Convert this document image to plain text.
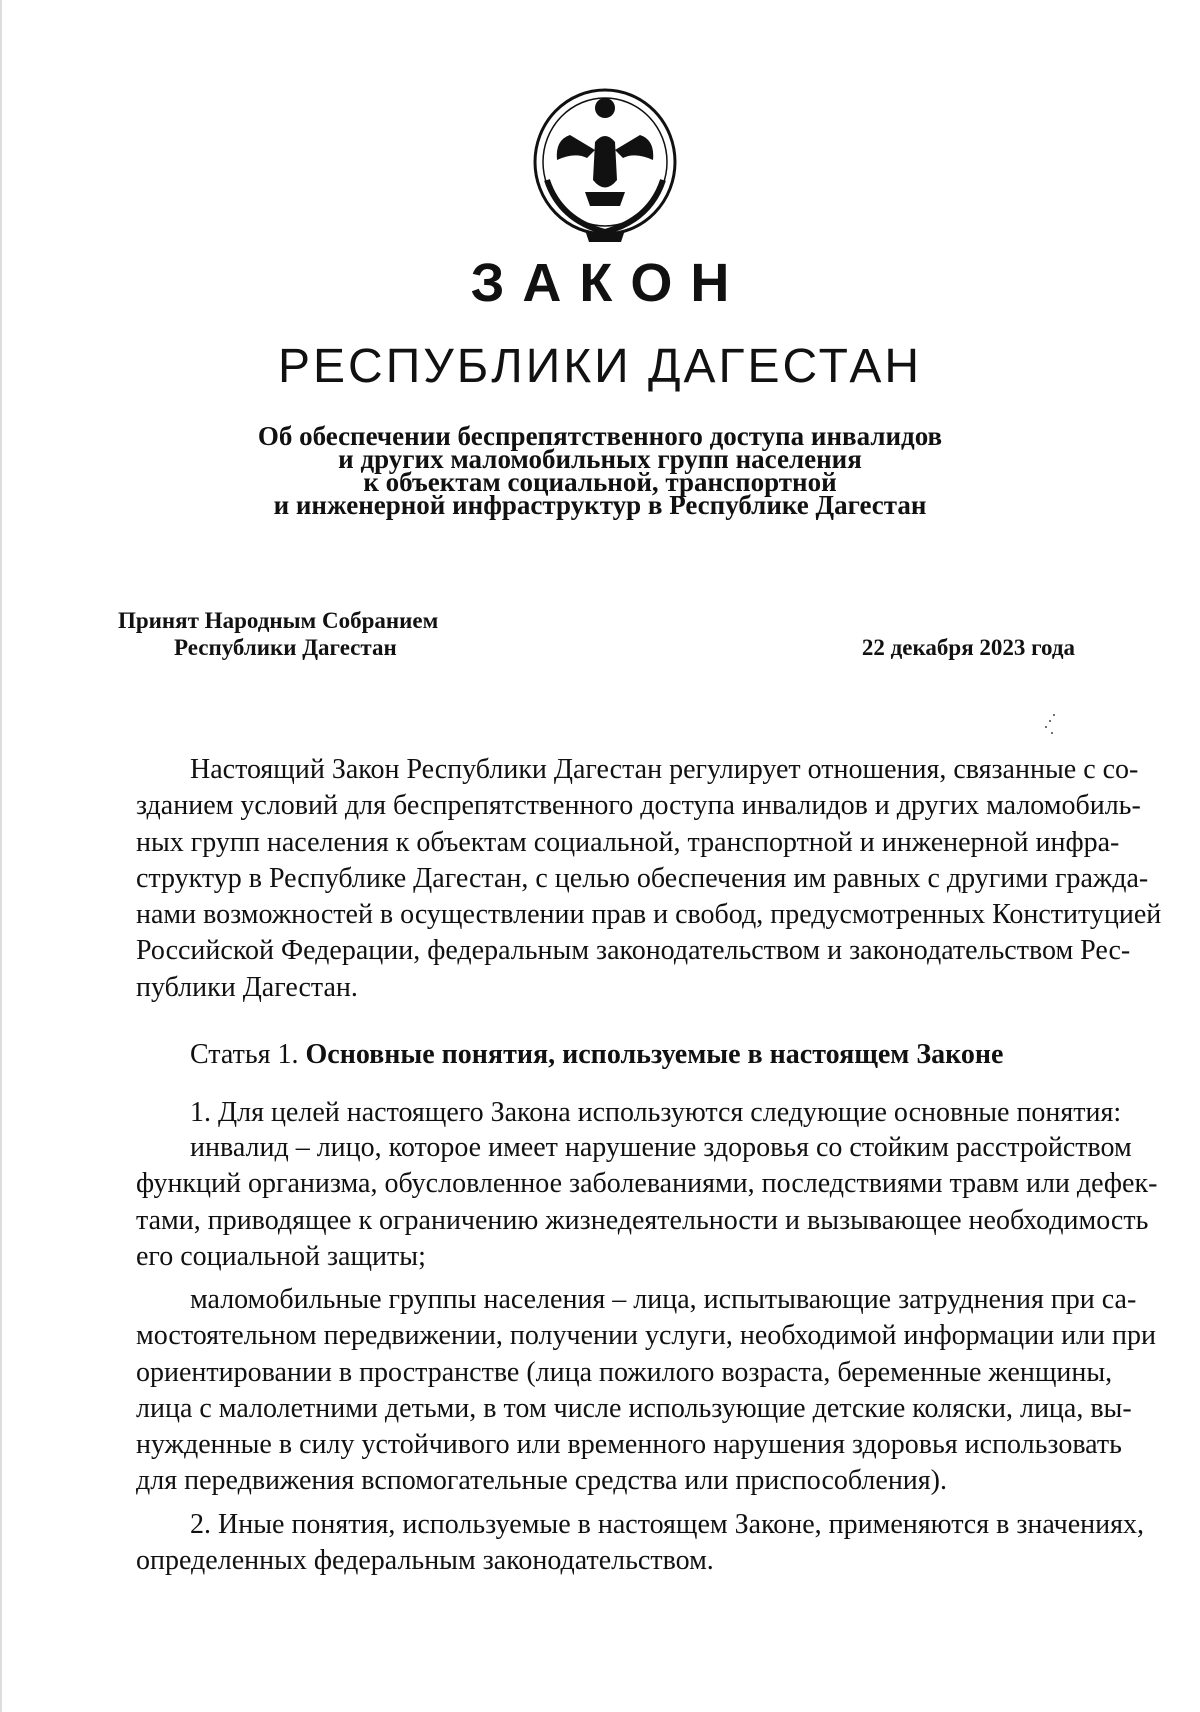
ЗАКОН
РЕСПУБЛИКИ ДАГЕСТАН
Об обеспечении беспрепятственного доступа инвалидов
и других маломобильных групп населения
к объектам социальной, транспортной
и инженерной инфраструктур в Республике Дагестан
Принят Народным Собранием
Республики Дагестан	22 декабря 2023 года
Настоящий Закон Республики Дагестан регулирует отношения, связанные с со-
зданием условий для беспрепятственного доступа инвалидов и других маломобиль-
ных групп населения к объектам социальной, транспортной и инженерной инфра-
структур в Республике Дагестан, с целью обеспечения им равных с другими гражда-
нами возможностей в осуществлении прав и свобод, предусмотренных Конституцией
Российской Федерации, федеральным законодательством и законодательством Рес-
публики Дагестан.
Статья 1. Основные понятия, используемые в настоящем Законе
1. Для целей настоящего Закона используются следующие основные понятия:
инвалид – лицо, которое имеет нарушение здоровья со стойким расстройством
функций организма, обусловленное заболеваниями, последствиями травм или дефек-
тами, приводящее к ограничению жизнедеятельности и вызывающее необходимость
его социальной защиты;
маломобильные группы населения – лица, испытывающие затруднения при са-
мостоятельном передвижении, получении услуги, необходимой информации или при
ориентировании в пространстве (лица пожилого возраста, беременные женщины,
лица с малолетними детьми, в том числе использующие детские коляски, лица, вы-
нужденные в силу устойчивого или временного нарушения здоровья использовать
для передвижения вспомогательные средства или приспособления).
2. Иные понятия, используемые в настоящем Законе, применяются в значениях,
определенных федеральным законодательством.
